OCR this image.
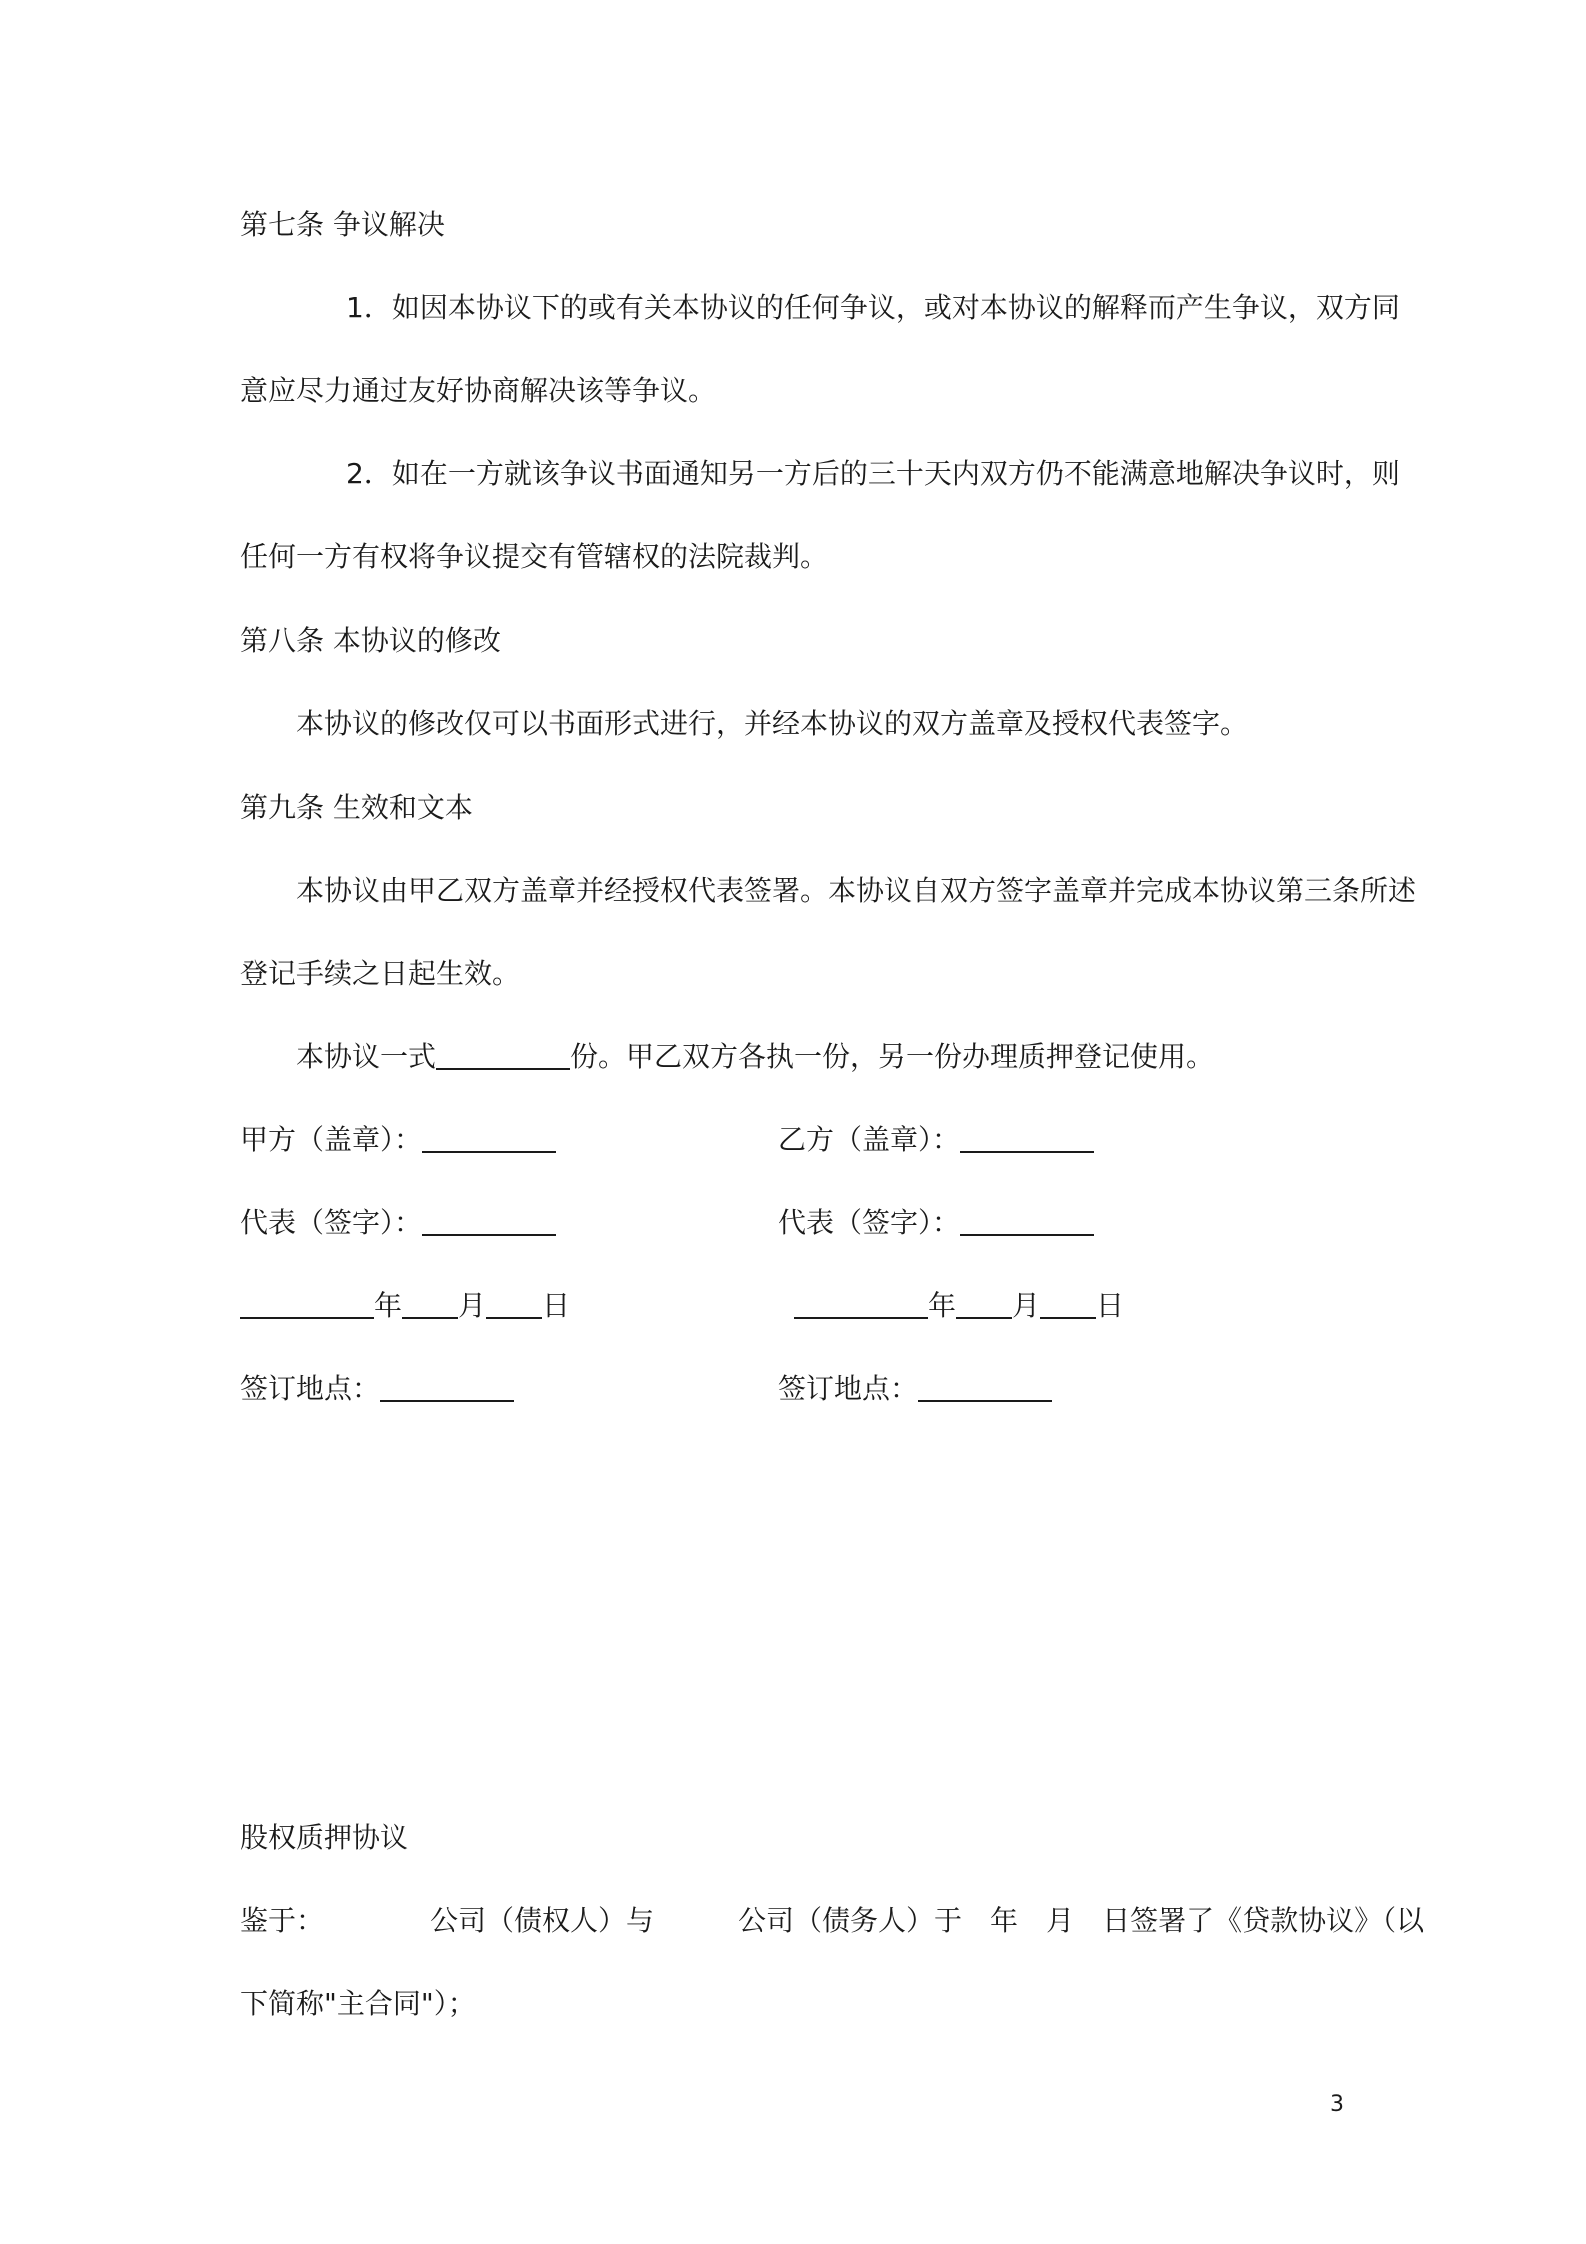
第七条 争议解决

1．如因本协议下的或有关本协议的任何争议，或对本协议的解释而产生争议，双方同

意应尽力通过友好协商解决该等争议。

2．如在一方就该争议书面通知另一方后的三十天内双方仍不能满意地解决争议时，则

任何一方有权将争议提交有管辖权的法院裁判。

第八条 本协议的修改

本协议的修改仅可以书面形式进行，并经本协议的双方盖章及授权代表签字。

第九条 生效和文本

本协议由甲乙双方盖章并经授权代表签署。本协议自双方签字盖章并完成本协议第三条所述

登记手续之日起生效。

本协议一式	份。甲乙双方各执一份，另一份办理质押登记使用。

甲方（盖章）：	乙方（盖章）：
代表（签字）：	代表（签字）：
年 月 日	年 月 日
签订地点：	签订地点：

股权质押协议

鉴于：	公司（债权人）与	公司（债务人）于 年 月 日签署了《贷款协议》（以

下简称"主合同"）；

3
